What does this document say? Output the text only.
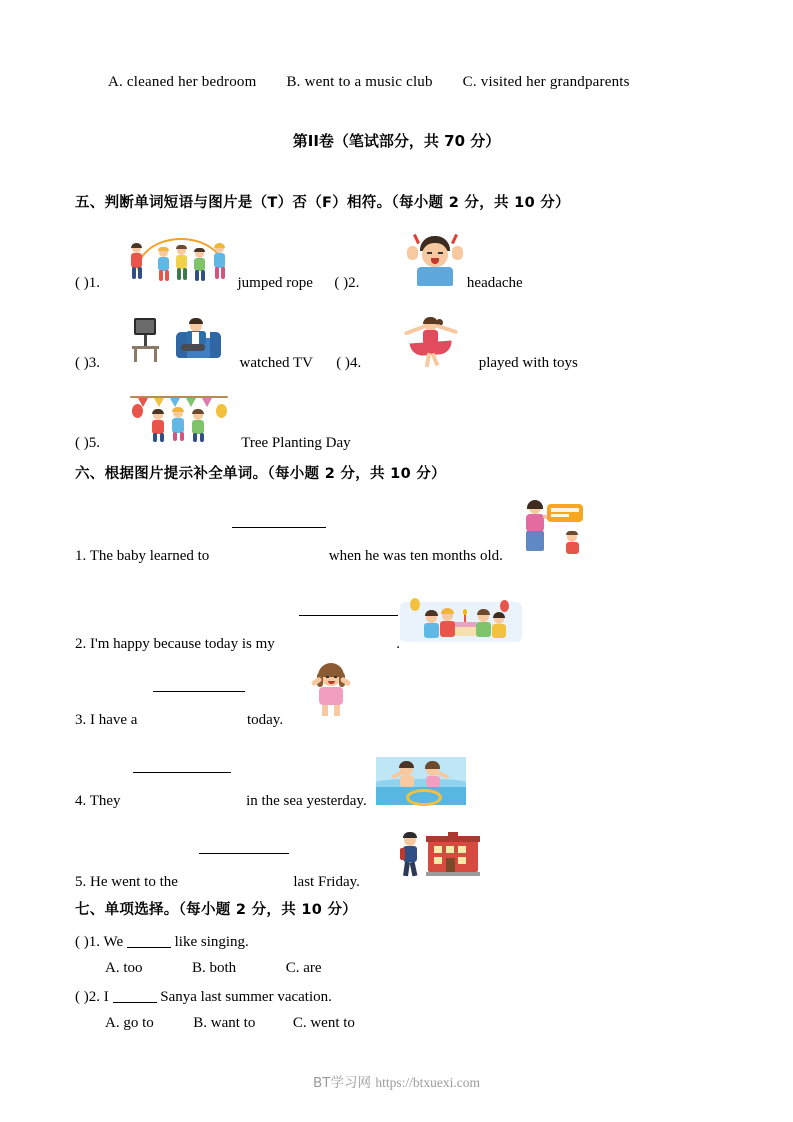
A. cleaned her bedroom B. went to a music club C. visited her grandparents
第II卷（笔试部分，共 70 分）
五、判断单词短语与图片是（T）否（F）相符。（每小题 2 分，共 10 分）
( )1.	jumped rope ( )2.	headache
( )3.	watched TV ( )4.	played with toys
( )5.	Tree Planting Day
六、根据图片提示补全单词。（每小题 2 分，共 10 分）
1. The baby learned to	when he was ten months old.
2. I'm happy because today is my	.
3. I have a	today.
4. They	in the sea yesterday.
5. He went to the	last Friday.
七、单项选择。（每小题 2 分，共 10 分）
( )1. We	like singing.
A. too	B. both	C. are
( )2. I	Sanya last summer vacation.
A. go to	B. want to	C. went to
BT学习网 https://btxuexi.com
